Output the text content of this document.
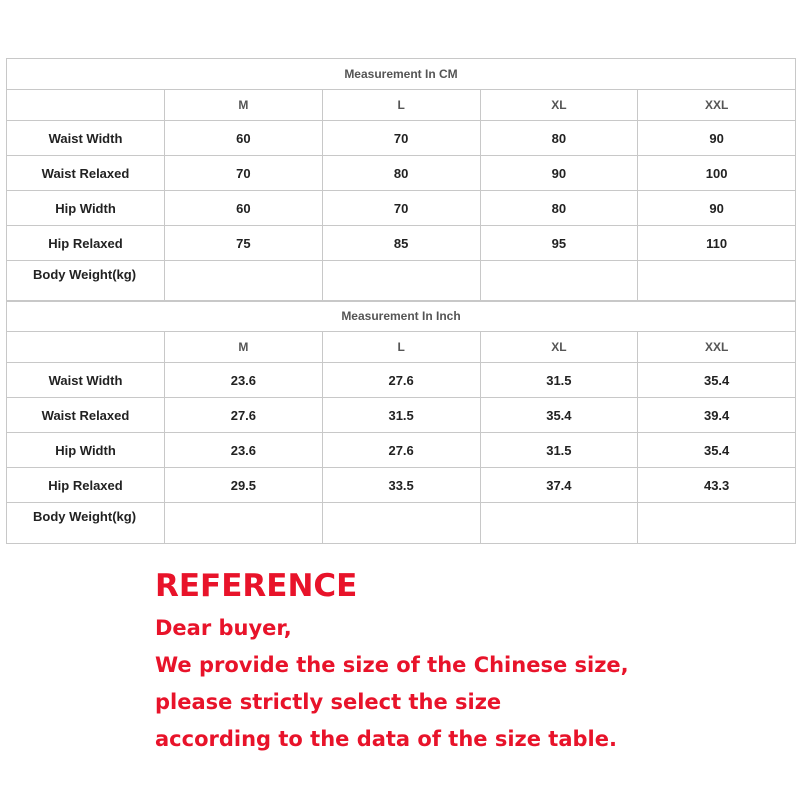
Measurement In CM				
	M	L	XL	XXL
Waist Width	60	70	80	90
Waist Relaxed	70	80	90	100
Hip Width	60	70	80	90
Hip Relaxed	75	85	95	110
Body Weight(kg)				
Measurement In Inch				
	M	L	XL	XXL
Waist Width	23.6	27.6	31.5	35.4
Waist Relaxed	27.6	31.5	35.4	39.4
Hip Width	23.6	27.6	31.5	35.4
Hip Relaxed	29.5	33.5	37.4	43.3
Body Weight(kg)				
REFERENCE

Dear buyer,

We provide the size of the Chinese size,

please strictly select the size

according to the data of the size table.
